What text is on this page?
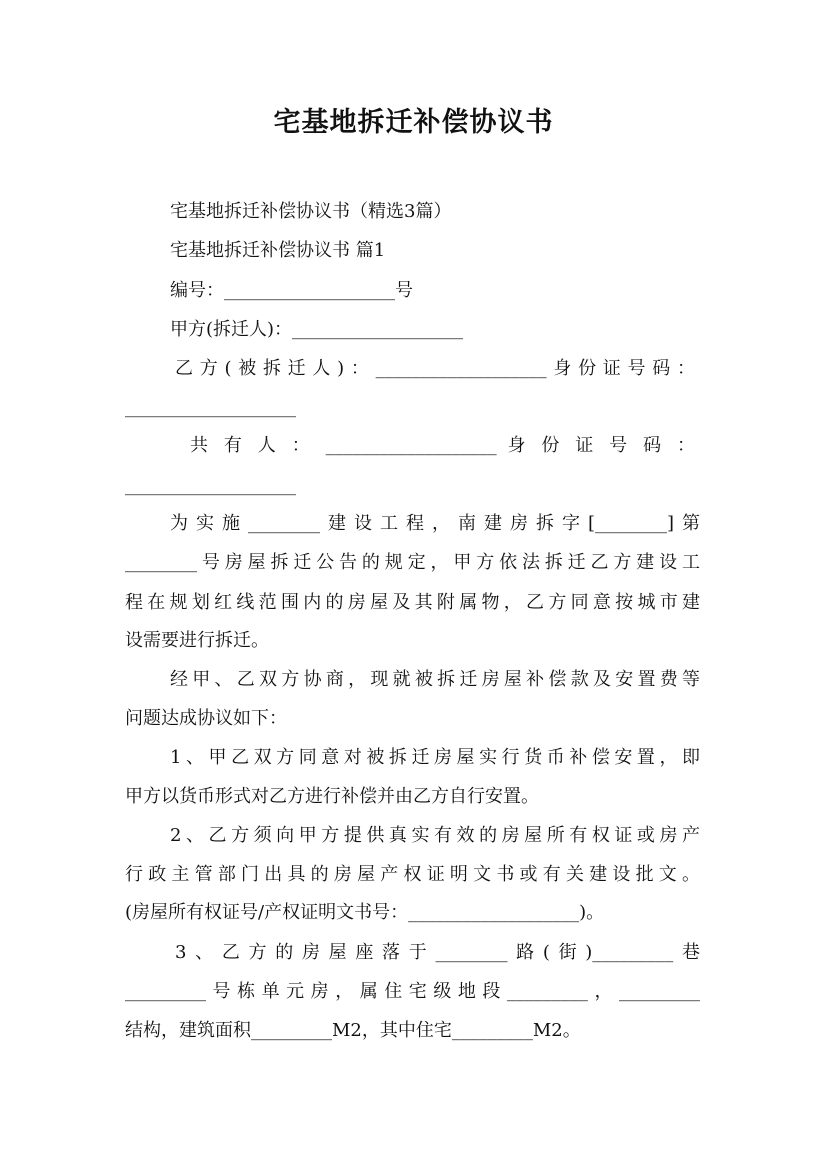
宅基地拆迁补偿协议书
宅基地拆迁补偿协议书（精选3篇）
宅基地拆迁补偿协议书 篇1
编号：___________________号
甲方(拆迁人)：___________________
乙方(被拆迁人)：___________________身份证号码：
___________________
共 有 人 ： ___________________ 身 份 证 号 码 ：
___________________
为实施________建设工程，南建房拆字[________]第
________号房屋拆迁公告的规定，甲方依法拆迁乙方建设工
程在规划红线范围内的房屋及其附属物，乙方同意按城市建
设需要进行拆迁。
经甲、乙双方协商，现就被拆迁房屋补偿款及安置费等
问题达成协议如下：
1、甲乙双方同意对被拆迁房屋实行货币补偿安置，即
甲方以货币形式对乙方进行补偿并由乙方自行安置。
2、乙方须向甲方提供真实有效的房屋所有权证或房产
行政主管部门出具的房屋产权证明文书或有关建设批文。
(房屋所有权证号/产权证明文书号：___________________)。
3、乙方的房屋座落于________路(街)_________巷
_________号栋单元房，属住宅级地段_________，_________
结构，建筑面积_________M2，其中住宅_________M2。
